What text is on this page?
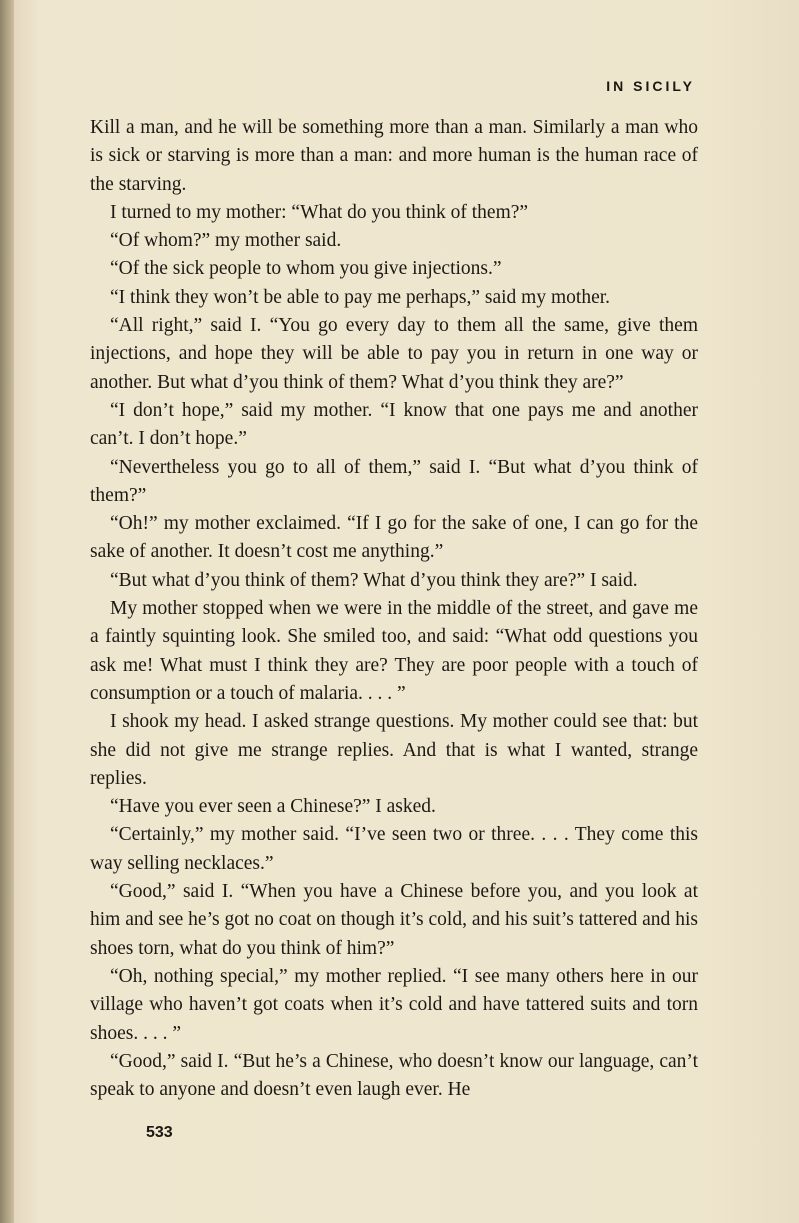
IN SICILY

Kill a man, and he will be something more than a man. Similarly a man who is sick or starving is more than a man: and more human is the human race of the starving.

I turned to my mother: “What do you think of them?”

“Of whom?” my mother said.

“Of the sick people to whom you give injections.”

“I think they won’t be able to pay me perhaps,” said my mother.

“All right,” said I. “You go every day to them all the same, give them injections, and hope they will be able to pay you in return in one way or another. But what d’you think of them? What d’you think they are?”

“I don’t hope,” said my mother. “I know that one pays me and another can’t. I don’t hope.”

“Nevertheless you go to all of them,” said I. “But what d’you think of them?”

“Oh!” my mother exclaimed. “If I go for the sake of one, I can go for the sake of another. It doesn’t cost me anything.”

“But what d’you think of them? What d’you think they are?” I said.

My mother stopped when we were in the middle of the street, and gave me a faintly squinting look. She smiled too, and said: “What odd questions you ask me! What must I think they are? They are poor people with a touch of consumption or a touch of malaria. . . . ”

I shook my head. I asked strange questions. My mother could see that: but she did not give me strange replies. And that is what I wanted, strange replies.

“Have you ever seen a Chinese?” I asked.

“Certainly,” my mother said. “I’ve seen two or three. . . . They come this way selling necklaces.”

“Good,” said I. “When you have a Chinese before you, and you look at him and see he’s got no coat on though it’s cold, and his suit’s tattered and his shoes torn, what do you think of him?”

“Oh, nothing special,” my mother replied. “I see many others here in our village who haven’t got coats when it’s cold and have tattered suits and torn shoes. . . . ”

“Good,” said I. “But he’s a Chinese, who doesn’t know our language, can’t speak to anyone and doesn’t even laugh ever. He

533
